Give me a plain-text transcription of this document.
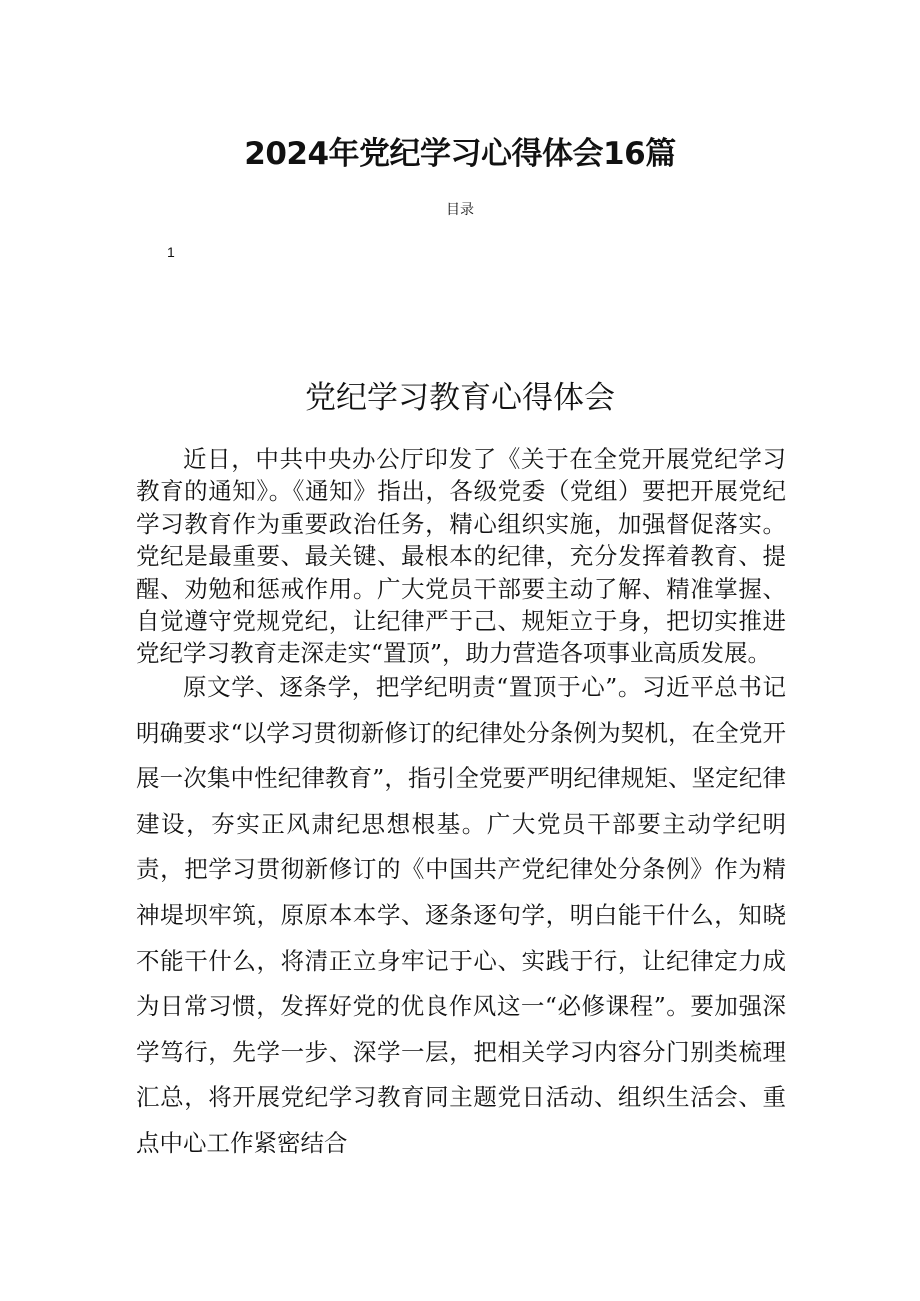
2024年党纪学习心得体会16篇
目录
1
党纪学习教育心得体会

近日，中共中央办公厅印发了《关于在全党开展党纪学习教育的通知》。《通知》指出，各级党委（党组）要把开展党纪学习教育作为重要政治任务，精心组织实施，加强督促落实。党纪是最重要、最关键、最根本的纪律，充分发挥着教育、提醒、劝勉和惩戒作用。广大党员干部要主动了解、精准掌握、自觉遵守党规党纪，让纪律严于己、规矩立于身，把切实推进党纪学习教育走深走实“置顶”，助力营造各项事业高质发展。

原文学、逐条学，把学纪明责“置顶于心”。习近平总书记明确要求“以学习贯彻新修订的纪律处分条例为契机，在全党开展一次集中性纪律教育”，指引全党要严明纪律规矩、坚定纪律建设，夯实正风肃纪思想根基。广大党员干部要主动学纪明责，把学习贯彻新修订的《中国共产党纪律处分条例》作为精神堤坝牢筑，原原本本学、逐条逐句学，明白能干什么，知晓不能干什么，将清正立身牢记于心、实践于行，让纪律定力成为日常习惯，发挥好党的优良作风这一“必修课程”。要加强深学笃行，先学一步、深学一层，把相关学习内容分门别类梳理汇总，将开展党纪学习教育同主题党日活动、组织生活会、重点中心工作紧密结合
